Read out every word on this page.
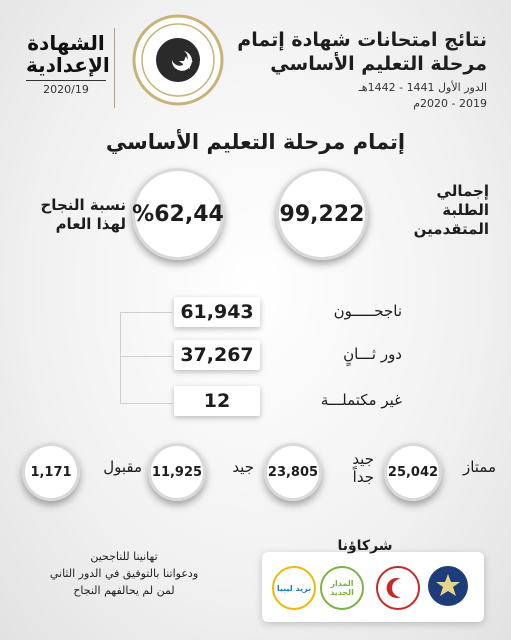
نتائج امتحانات شهادة إتمام
مرحلة التعليم الأساسي
الدور الأول 1441 - 1442هـ
2019 - 2020م
الشهادة
الإعدادية
2020/19
إتمام مرحلة التعليم الأساسي
إجمالي
الطلبة
المتقدمين
99,222
%62,44
نسبة النجاح
لهذا العام
61,943	ناجحـــــون
37,267	دور ثـــانٍ
12	غير مكتملـــة
ممتاز
25,042
جيد
جداً
23,805
جيد
11,925
مقبول
1,171
تهانينا للناجحين
ودعواتنا بالتوفيق في الدور الثاني
لمن لم يحالفهم النجاح
شركاؤنا
المدار الجديد
بريد ليبيا
